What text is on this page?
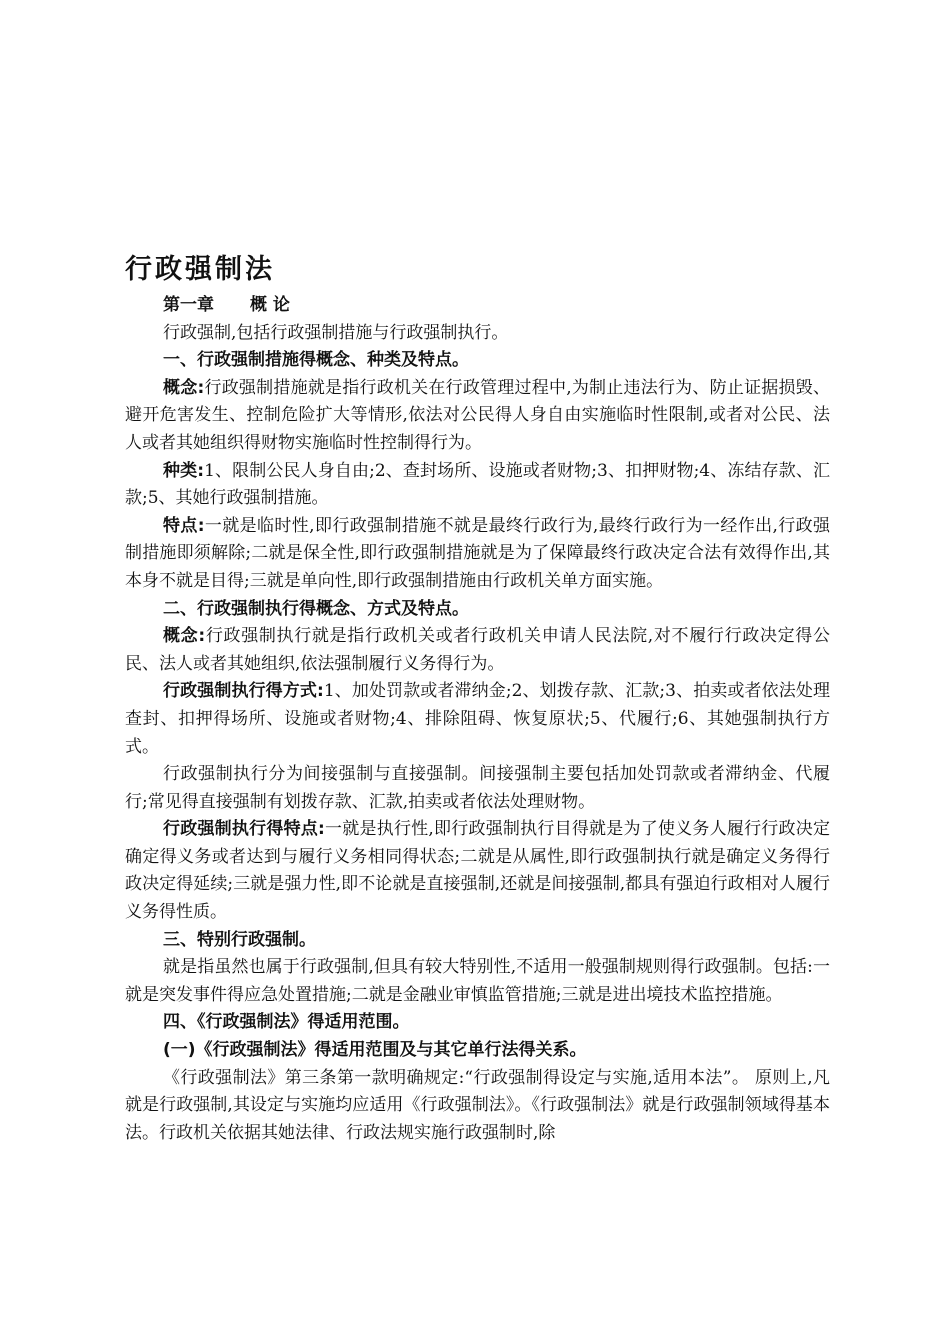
行政强制法

第一章 概 论

行政强制,包括行政强制措施与行政强制执行。

一、行政强制措施得概念、种类及特点。

概念:行政强制措施就是指行政机关在行政管理过程中,为制止违法行为、防止证据损毁、避开危害发生、控制危险扩大等情形,依法对公民得人身自由实施临时性限制,或者对公民、法人或者其她组织得财物实施临时性控制得行为。

种类:1、限制公民人身自由;2、查封场所、设施或者财物;3、扣押财物;4、冻结存款、汇款;5、其她行政强制措施。

特点:一就是临时性,即行政强制措施不就是最终行政行为,最终行政行为一经作出,行政强制措施即须解除;二就是保全性,即行政强制措施就是为了保障最终行政决定合法有效得作出,其本身不就是目得;三就是单向性,即行政强制措施由行政机关单方面实施。

二、行政强制执行得概念、方式及特点。

概念:行政强制执行就是指行政机关或者行政机关申请人民法院,对不履行行政决定得公民、法人或者其她组织,依法强制履行义务得行为。

行政强制执行得方式:1、加处罚款或者滞纳金;2、划拨存款、汇款;3、拍卖或者依法处理查封、扣押得场所、设施或者财物;4、排除阻碍、恢复原状;5、代履行;6、其她强制执行方式。

行政强制执行分为间接强制与直接强制。间接强制主要包括加处罚款或者滞纳金、代履行;常见得直接强制有划拨存款、汇款,拍卖或者依法处理财物。

行政强制执行得特点:一就是执行性,即行政强制执行目得就是为了使义务人履行行政决定确定得义务或者达到与履行义务相同得状态;二就是从属性,即行政强制执行就是确定义务得行政决定得延续;三就是强力性,即不论就是直接强制,还就是间接强制,都具有强迫行政相对人履行义务得性质。

三、特别行政强制。

就是指虽然也属于行政强制,但具有较大特别性,不适用一般强制规则得行政强制。包括:一就是突发事件得应急处置措施;二就是金融业审慎监管措施;三就是进出境技术监控措施。

四、《行政强制法》得适用范围。

(一)《行政强制法》得适用范围及与其它单行法得关系。

《行政强制法》第三条第一款明确规定:“行政强制得设定与实施,适用本法”。 原则上,凡就是行政强制,其设定与实施均应适用《行政强制法》。《行政强制法》就是行政强制领域得基本法。行政机关依据其她法律、行政法规实施行政强制时,除
